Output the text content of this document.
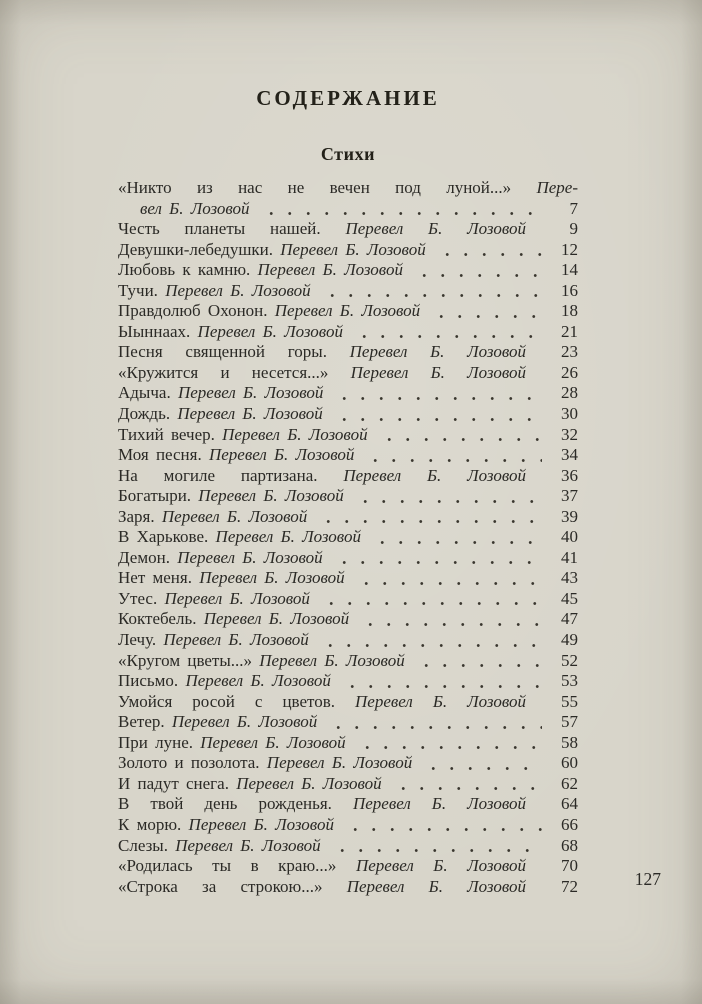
СОДЕРЖАНИЕ
Стихи
«Никто из нас не вечен под луной...» Пере-
вел Б. Лозовой	7
Честь планеты нашей. Перевел Б. Лозовой	9
Девушки-лебедушки. Перевел Б. Лозовой	12
Любовь к камню. Перевел Б. Лозовой	14
Тучи. Перевел Б. Лозовой	16
Правдолюб Охонон. Перевел Б. Лозовой	18
Ыыннаах. Перевел Б. Лозовой	21
Песня священной горы. Перевел Б. Лозовой	23
«Кружится и несется...» Перевел Б. Лозовой	26
Адыча. Перевел Б. Лозовой	28
Дождь. Перевел Б. Лозовой	30
Тихий вечер. Перевел Б. Лозовой	32
Моя песня. Перевел Б. Лозовой	34
На могиле партизана. Перевел Б. Лозовой	36
Богатыри. Перевел Б. Лозовой	37
Заря. Перевел Б. Лозовой	39
В Харькове. Перевел Б. Лозовой	40
Демон. Перевел Б. Лозовой	41
Нет меня. Перевел Б. Лозовой	43
Утес. Перевел Б. Лозовой	45
Коктебель. Перевел Б. Лозовой	47
Лечу. Перевел Б. Лозовой	49
«Кругом цветы...» Перевел Б. Лозовой	52
Письмо. Перевел Б. Лозовой	53
Умойся росой с цветов. Перевел Б. Лозовой	55
Ветер. Перевел Б. Лозовой	57
При луне. Перевел Б. Лозовой	58
Золото и позолота. Перевел Б. Лозовой	60
И падут снега. Перевел Б. Лозовой	62
В твой день рожденья. Перевел Б. Лозовой	64
К морю. Перевел Б. Лозовой	66
Слезы. Перевел Б. Лозовой	68
«Родилась ты в краю...» Перевел Б. Лозовой	70
«Строка за строкою...» Перевел Б. Лозовой	72	127
